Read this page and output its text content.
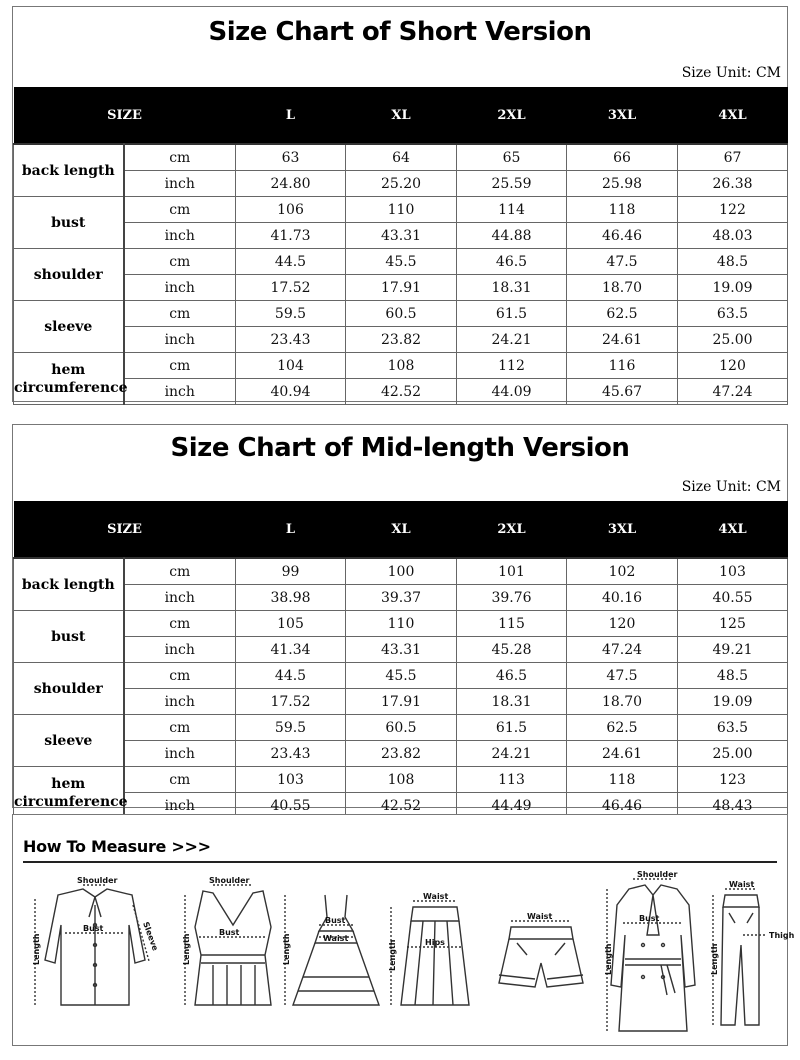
Size Chart of Short Version
Size Unit: CM
SIZE		L	XL	2XL	3XL	4XL

back length	cm	63	64	65	66	67
	inch	24.80	25.20	25.59	25.98	26.38
bust	cm	106	110	114	118	122
	inch	41.73	43.31	44.88	46.46	48.03
shoulder	cm	44.5	45.5	46.5	47.5	48.5
	inch	17.52	17.91	18.31	18.70	19.09
sleeve	cm	59.5	60.5	61.5	62.5	63.5
	inch	23.43	23.82	24.21	24.61	25.00
hem circumference	cm	104	108	112	116	120
	inch	40.94	42.52	44.09	45.67	47.24
Size Chart of Mid-length Version
Size Unit: CM
SIZE		L	XL	2XL	3XL	4XL

back length	cm	99	100	101	102	103
	inch	38.98	39.37	39.76	40.16	40.55
bust	cm	105	110	115	120	125
	inch	41.34	43.31	45.28	47.24	49.21
shoulder	cm	44.5	45.5	46.5	47.5	48.5
	inch	17.52	17.91	18.31	18.70	19.09
sleeve	cm	59.5	60.5	61.5	62.5	63.5
	inch	23.43	23.82	24.21	24.61	25.00
hem circumference	cm	103	108	113	118	123
	inch	40.55	42.52	44.49	46.46	48.43
How To Measure >>>
Shoulder
Bust	Sleeve
Length
Shoulder
Bust
Length
Bust
Waist
Length
Waist
Hips
Length
Waist
Shoulder
Bust
Length
Waist
Thigh
Length
